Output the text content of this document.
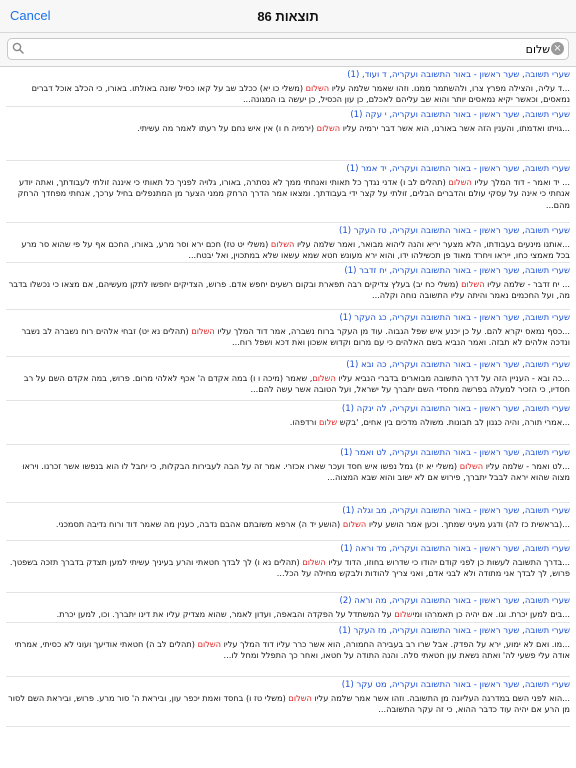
Cancel	86 תוצאות
שלום
×
שערי תשובה, שער ראשון - באור התשובה ועקריה, ד ועוד, (1)
...ד עליה, והצילה מפרץ צרו, ולהשתמר ממנו. וזהו שאמר שלמה עליו השלום (משלי כו יא) ככלב שב על קאו כסיל שונה באולתו. באורו, כי הכלב אוכל דברים נמאסים, וכאשר יקיא נמאסים יותר והוא שב עליהם לאכלם, כן עון הכסיל, כן יעשה בו המגונה...
שערי תשובה, שער ראשון - באור התשובה ועקריה, י עקה (1)
...גויתו ואדמתו, והענין הזה אשר באורנו, הוא אשר דבר ירמיה עליו השלום (ירמיה ח ו) אין איש נחם על רעתו לאמר מה עשיתי.
שערי תשובה, שער ראשון - באור התשובה ועקריה, יד אמר (1)
... יד ואמר - דוד המלך עליו השלום (תהלים לב ו) אדני נגדך כל תאותי ואנחתי ממך לא נסתרה, באורו, גלויה לפניך כל תאותי כי איננה זולתי לעבודתך, ואתה יודע אנחתי כי אינה על עסקי עולם והדברים הבלים, זולתי על קצר ידי בעבודתך. ומצאו אמר הדרך הרחק ממני הצער מן המתנפלים בחיל ערכך, אנחתי מפחדך הרחק מהם...
שערי תשובה, שער ראשון - באור התשובה ועקריה, טז העקר (1)
...אותנו מינעים בעבודתו, הלא מצער יריא והנה ליהוא מבואר, ואמר שלמה עליו השלום (משלי יט טז) חכם ירא וסר מרע, באורו, החכם אף על פי שהוא סר מרע בכל מאמצי כחו, ייראו ויחרד מאוד פן תכשילהו ידו, והוא ירא מעונש חטא שמא עשאו שלא במתכוין, ואל יבטח...
שערי תשובה, שער ראשון - באור התשובה ועקריה, יח זדבר (1)
... יח זדבר - שלמה עליו השלום (משלי כח יב) בעלץ צדיקים רבה תפארת ובקום רשעים יחפש אדם. פרוש, הצדיקים יחפשו לתקן מעשיהם, אם מצאו כי נכשלו בדבר מה, ועל החכמים נאמר והיתה עליו התשובה נוחה וקלה...
שערי תשובה, שער ראשון - באור התשובה ועקריה, כג העקר (1)
...כסף נמאס יקרא להם. על כן יכנע איש שפל הגבוה. עוד מן העקר ברוח נשברה, אמר דוד המלך עליו השלום (תהלים נא יט) זבחי אלהים רוח נשברה לב נשבר ונדכה אלהים לא תבזה. ואמר הנביא בשם האלהים כי עם מרום וקדוש אשכון ואת דכא ושפל רוח...
שערי תשובה, שער ראשון - באור התשובה ועקריה, כה ובא (1)
...כה ובא - העניין הזה על דרך התשובה מבוארים בדברי הנביא עליו השלום, שאמר (מיכה ו ו) במה אקדם ה' אכף לאלהי מרום. פרוש, במה אקדם השם על רב חסדיו, כי הזכיר למעלה בפרשה מחסדי השם יתברך על ישראל, ועל הטובה אשר עשה להם...
שערי תשובה, שער ראשון - באור התשובה ועקריה, לה ינקה (1)
...אמרי תורה, והיה כגנון לב תבונות. משולה מדכים בין אחים, 'בקש שלום ורדפהו.
שערי תשובה, שער ראשון - באור התשובה ועקריה, לט ואמר (1)
...לט ואמר - שלמה עליו השלום (משלי יא יז) גמל נפשו איש חסד ועכר שארו אכזרי. אמר זה על הבה לעבירות הבקלות, כי יחבל לו הוא בנפשו אשר זכרנו. ויראו מצוה שהוא יראה לבבל יתברך, פירוש אם לא ישוב והוא שבא המצוה...
שערי תשובה, שער ראשון - באור התשובה ועקריה, מב וגלה (1)
...(בראשית כז לה) ודגע מעיני שמתך. וכען אמר הושע עליו השלום (הושע יד ה) ארפא משובתם אהבם נדבה, כענין מה שאמר דוד ורוח נדיבה תסמכני.
שערי תשובה, שער ראשון - באור התשובה ועקריה, מד וראה (1)
...בדרך התשובה לעשות כן לפני קודם יהודו כי שדרוש בחוזו, הדוד עליו השלום (תהלים נא ו) לך לבדך חטאתי והרע בעיניך עשיתי למען תצדק בדברך תזכה בשפטך. פרוש, לך לבדך אני מתודה ולא לבני אדם, ואני צריך להודות ולבקש מחילה על הכל...
שערי תשובה, שער ראשון - באור התשובה ועקריה, מה וראה (2)
...בים למען יכרת. וגו. אם יהיה כן תאמרהו ומישלום על המשתדל על הפקדה והבאפה, ועדון לאמר, שהוא מצדיק עליו את דינו יתברך. וכו, למען יכרת.
שערי תשובה, שער ראשון - באור התשובה ועקריה, מז העקר (1)
...מו. ואם לא ימוע, ירא על הפדק. אבל שרו רב בעבירה החמורה, הוא אשר כרר עליו דוד המלך עליו השלום (תהלים לב ה) חטאתי אודיעך ועוני לא כסיתי, אמרתי אודה עלי פשעי לה' ואתה נשאת עון חטאתי סלה. והנה התודה על חטאו, ואחר כך התפלל ומחל לו...
שערי תשובה, שער ראשון - באור התשובה ועקריה, מט עקר (1)
...הוא לפני השם במדרגה העליונה מן התשובה. וזהו אשר אמר שלמה עליו השלום (משלי טז ו) בחסד ואמת יכפר עון, וביראת ה' סור מרע. פרוש, וביראת השם לסור מן הרע אם יהיה עוד כדבר ההוא, כי זה עקר התשובה...
